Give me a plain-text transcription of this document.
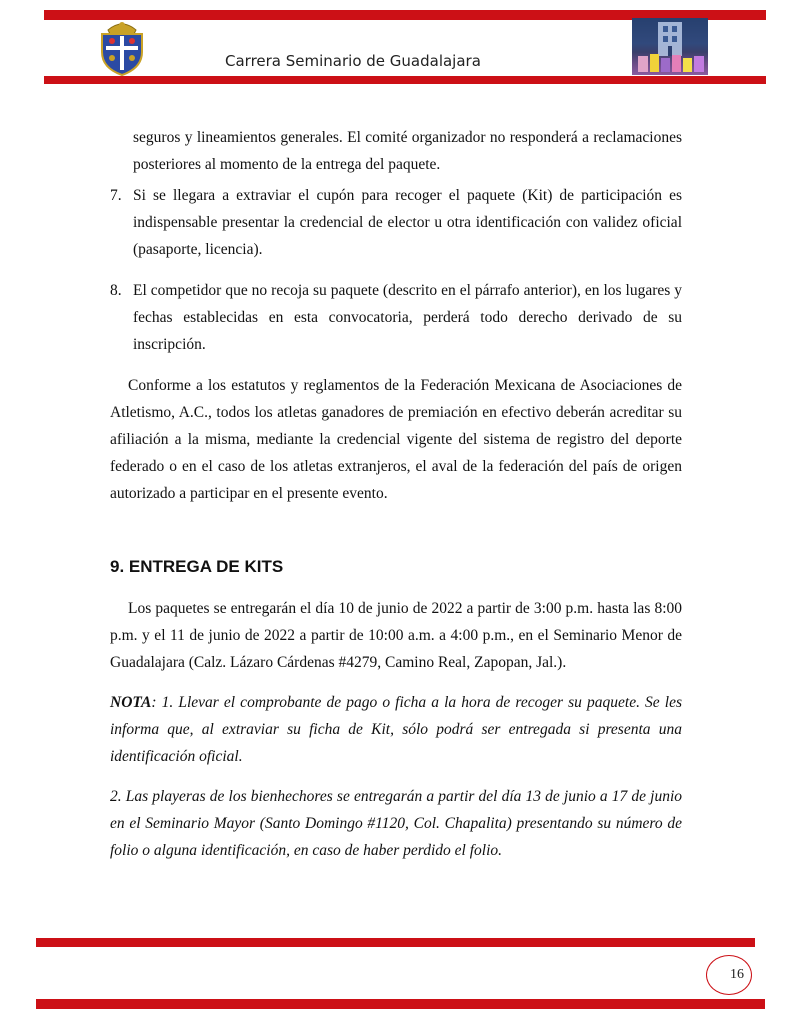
Carrera Seminario de Guadalajara

seguros y lineamientos generales. El comité organizador no responderá a reclamaciones posteriores al momento de la entrega del paquete.

7. Si se llegara a extraviar el cupón para recoger el paquete (Kit) de participación es indispensable presentar la credencial de elector u otra identificación con validez oficial (pasaporte, licencia).

8. El competidor que no recoja su paquete (descrito en el párrafo anterior), en los lugares y fechas establecidas en esta convocatoria, perderá todo derecho derivado de su inscripción.

Conforme a los estatutos y reglamentos de la Federación Mexicana de Asociaciones de Atletismo, A.C., todos los atletas ganadores de premiación en efectivo deberán acreditar su afiliación a la misma, mediante la credencial vigente del sistema de registro del deporte federado o en el caso de los atletas extranjeros, el aval de la federación del país de origen autorizado a participar en el presente evento.

9. ENTREGA DE KITS

Los paquetes se entregarán el día 10 de junio de 2022 a partir de 3:00 p.m. hasta las 8:00 p.m. y el 11 de junio de 2022 a partir de 10:00 a.m. a 4:00 p.m., en el Seminario Menor de Guadalajara (Calz. Lázaro Cárdenas #4279, Camino Real, Zapopan, Jal.).

NOTA: 1. Llevar el comprobante de pago o ficha a la hora de recoger su paquete. Se les informa que, al extraviar su ficha de Kit, sólo podrá ser entregada si presenta una identificación oficial.

2. Las playeras de los bienhechores se entregarán a partir del día 13 de junio a 17 de junio en el Seminario Mayor (Santo Domingo #1120, Col. Chapalita) presentando su número de folio o alguna identificación, en caso de haber perdido el folio.

16
